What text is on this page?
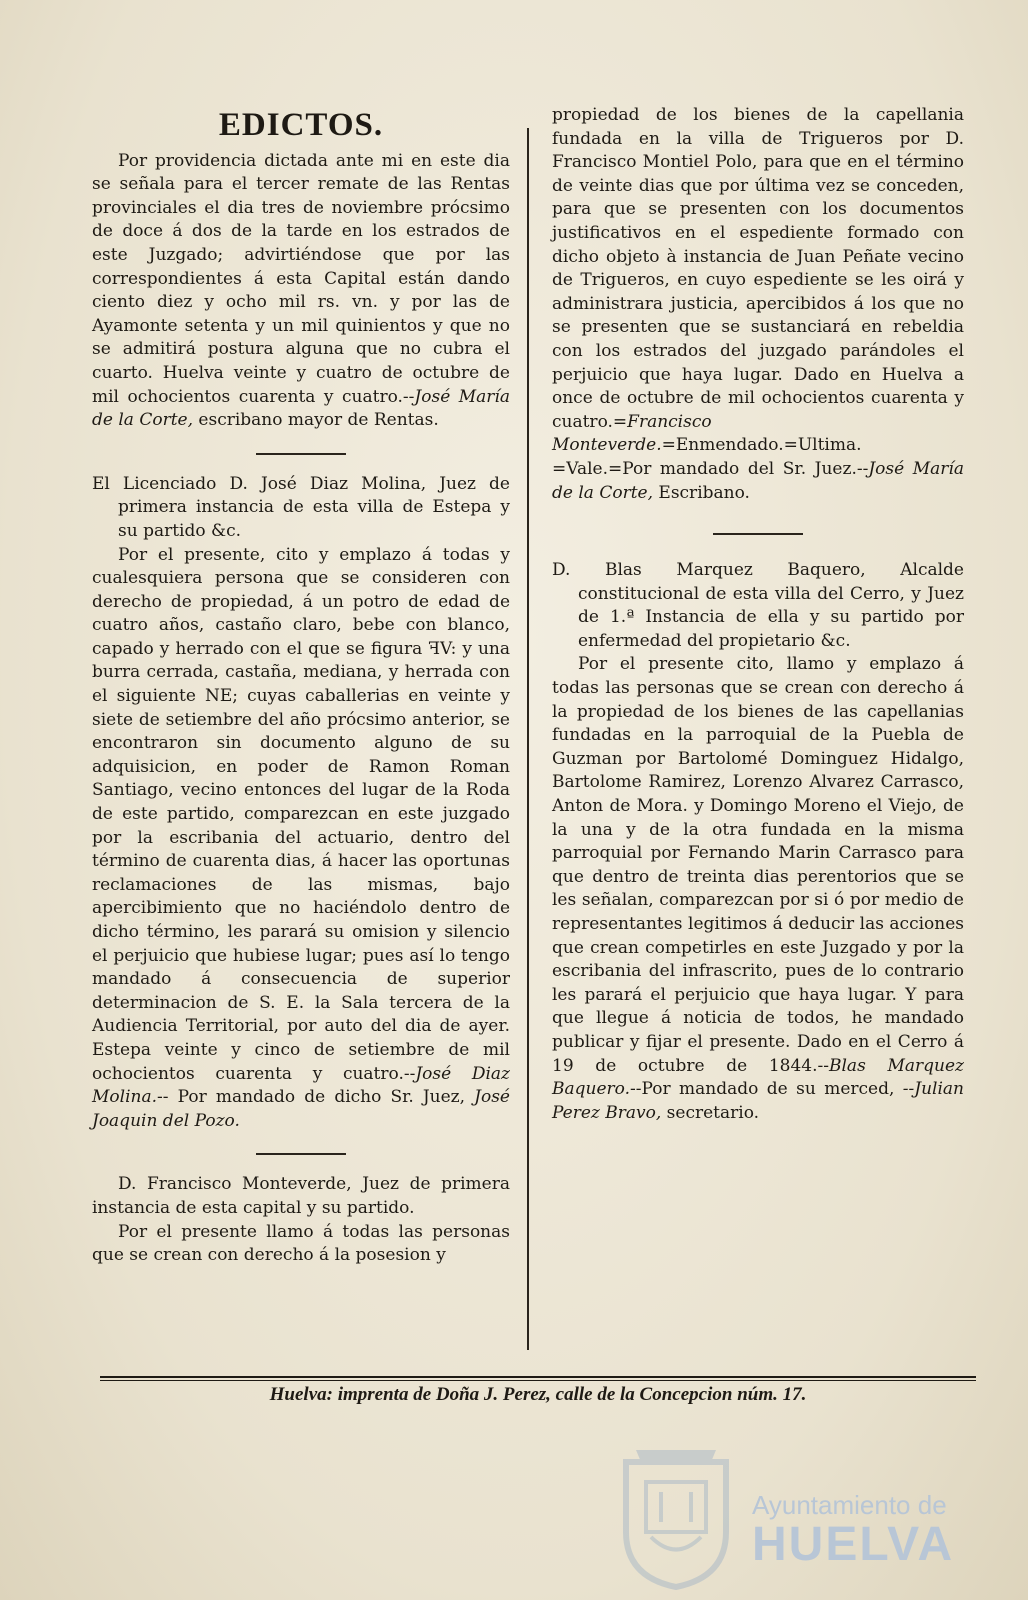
EDICTOS.

Por providencia dictada ante mi en este dia se señala para el tercer remate de las Rentas provinciales el dia tres de noviembre prócsimo de doce á dos de la tarde en los estrados de este Juzgado; advirtiéndose que por las correspondientes á esta Capital están dando ciento diez y ocho mil rs. vn. y por las de Ayamonte setenta y un mil quinientos y que no se admitirá postura alguna que no cubra el cuarto. Huelva veinte y cuatro de octubre de mil ochocientos cuarenta y cuatro.--José María de la Corte, escribano mayor de Rentas.

El Licenciado D. José Diaz Molina, Juez de primera instancia de esta villa de Estepa y su partido &c.

Por el presente, cito y emplazo á todas y cualesquiera persona que se consideren con derecho de propiedad, á un potro de edad de cuatro años, castaño claro, bebe con blanco, capado y herrado con el que se figura ꟻV: y una burra cerrada, castaña, mediana, y herrada con el siguiente NE; cuyas caballerias en veinte y siete de setiembre del año prócsimo anterior, se encontraron sin documento alguno de su adquisicion, en poder de Ramon Roman Santiago, vecino entonces del lugar de la Roda de este partido, comparezcan en este juzgado por la escribania del actuario, dentro del término de cuarenta dias, á hacer las oportunas reclamaciones de las mismas, bajo apercibimiento que no haciéndolo dentro de dicho término, les parará su omision y silencio el perjuicio que hubiese lugar; pues así lo tengo mandado á consecuencia de superior determinacion de S. E. la Sala tercera de la Audiencia Territorial, por auto del dia de ayer. Estepa veinte y cinco de setiembre de mil ochocientos cuarenta y cuatro.--José Diaz Molina.-- Por mandado de dicho Sr. Juez, José Joaquin del Pozo.

D. Francisco Monteverde, Juez de primera instancia de esta capital y su partido.

Por el presente llamo á todas las personas que se crean con derecho á la posesion y

propiedad de los bienes de la capellania fundada en la villa de Trigueros por D. Francisco Montiel Polo, para que en el término de veinte dias que por última vez se conceden, para que se presenten con los documentos justificativos en el espediente formado con dicho objeto à instancia de Juan Peñate vecino de Trigueros, en cuyo espediente se les oirá y administrara justicia, apercibidos á los que no se presenten que se sustanciará en rebeldia con los estrados del juzgado parándoles el perjuicio que haya lugar. Dado en Huelva a once de octubre de mil ochocientos cuarenta y cuatro.=Francisco Monteverde.=Enmendado.=Ultima. =Vale.=Por mandado del Sr. Juez.--José María de la Corte, Escribano.

D. Blas Marquez Baquero, Alcalde constitucional de esta villa del Cerro, y Juez de 1.ª Instancia de ella y su partido por enfermedad del propietario &c.

Por el presente cito, llamo y emplazo á todas las personas que se crean con derecho á la propiedad de los bienes de las capellanias fundadas en la parroquial de la Puebla de Guzman por Bartolomé Dominguez Hidalgo, Bartolome Ramirez, Lorenzo Alvarez Carrasco, Anton de Mora. y Domingo Moreno el Viejo, de la una y de la otra fundada en la misma parroquial por Fernando Marin Carrasco para que dentro de treinta dias perentorios que se les señalan, comparezcan por si ó por medio de representantes legitimos á deducir las acciones que crean competirles en este Juzgado y por la escribania del infrascrito, pues de lo contrario les parará el perjuicio que haya lugar. Y para que llegue á noticia de todos, he mandado publicar y fijar el presente. Dado en el Cerro á 19 de octubre de 1844.--Blas Marquez Baquero.--Por mandado de su merced, --Julian Perez Bravo, secretario.

Huelva: imprenta de Doña J. Perez, calle de la Concepcion núm. 17.
Ayuntamiento de
HUELVA
